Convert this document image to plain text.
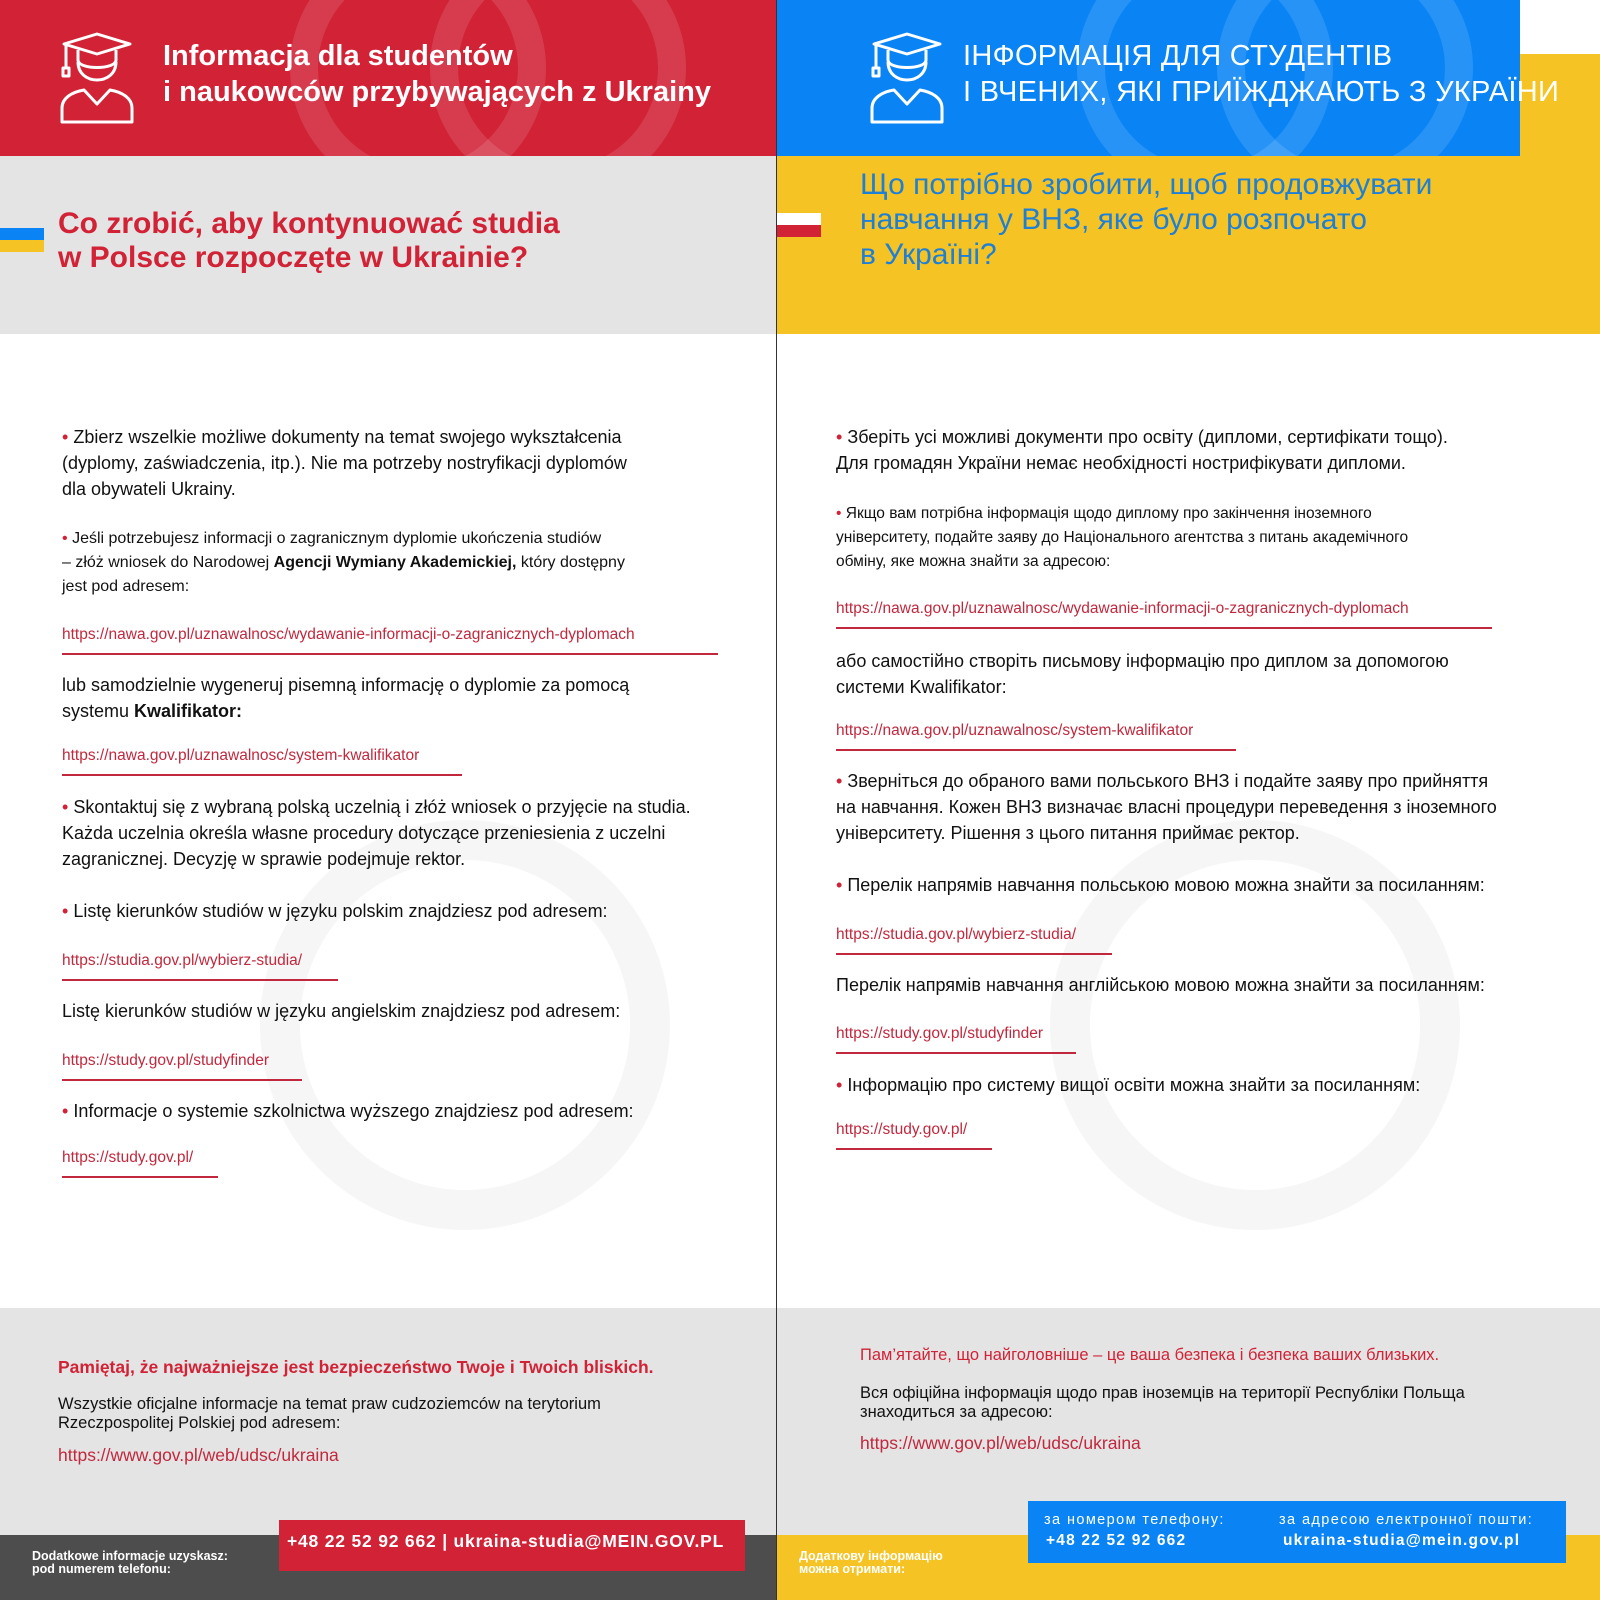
Informacja dla studentów
i naukowców przybywających z Ukrainy
ІНФОРМАЦІЯ ДЛЯ СТУДЕНТІВ
І ВЧЕНИХ, ЯКІ ПРИЇЖДЖАЮТЬ З УКРАЇНИ
Co zrobić, aby kontynuować studia
w Polsce rozpoczęte w Ukrainie?
Що потрібно зробити, щоб продовжувати
навчання у ВНЗ, яке було розпочато
в Україні?
• Zbierz wszelkie możliwe dokumenty na temat swojego wykształcenia
(dyplomy, zaświadczenia, itp.). Nie ma potrzeby nostryfikacji dyplomów
dla obywateli Ukrainy.
• Jeśli potrzebujesz informacji o zagranicznym dyplomie ukończenia studiów
– złóż wniosek do Narodowej Agencji Wymiany Akademickiej, który dostępny
jest pod adresem:
https://nawa.gov.pl/uznawalnosc/wydawanie-informacji-o-zagranicznych-dyplomach
lub samodzielnie wygeneruj pisemną informację o dyplomie za pomocą
systemu Kwalifikator:
https://nawa.gov.pl/uznawalnosc/system-kwalifikator
• Skontaktuj się z wybraną polską uczelnią i złóż wniosek o przyjęcie na studia.
Każda uczelnia określa własne procedury dotyczące przeniesienia z uczelni
zagranicznej. Decyzję w sprawie podejmuje rektor.
• Listę kierunków studiów w języku polskim znajdziesz pod adresem:
https://studia.gov.pl/wybierz-studia/
Listę kierunków studiów w języku angielskim znajdziesz pod adresem:
https://study.gov.pl/studyfinder
• Informacje o systemie szkolnictwa wyższego znajdziesz pod adresem:
https://study.gov.pl/
• Зберіть усі можливі документи про освіту (дипломи, сертифікати тощо).
Для громадян України немає необхідності нострифікувати дипломи.
• Якщо вам потрібна інформація щодо диплому про закінчення іноземного
університету, подайте заяву до Національного агентства з питань академічного
обміну, яке можна знайти за адресою:
https://nawa.gov.pl/uznawalnosc/wydawanie-informacji-o-zagranicznych-dyplomach
або самостійно створіть письмову інформацію про диплом за допомогою
системи Kwalifikator:
https://nawa.gov.pl/uznawalnosc/system-kwalifikator
• Зверніться до обраного вами польського ВНЗ і подайте заяву про прийняття
на навчання. Кожен ВНЗ визначає власні процедури переведення з іноземного
університету. Рішення з цього питання приймає ректор.
• Перелік напрямів навчання польською мовою можна знайти за посиланням:
https://studia.gov.pl/wybierz-studia/
Перелік напрямів навчання англійською мовою можна знайти за посиланням:
https://study.gov.pl/studyfinder
• Інформацію про систему вищої освіти можна знайти за посиланням:
https://study.gov.pl/
Pamiętaj, że najważniejsze jest bezpieczeństwo Twoje i Twoich bliskich.
Wszystkie oficjalne informacje na temat praw cudzoziemców na terytorium
Rzeczpospolitej Polskiej pod adresem:
https://www.gov.pl/web/udsc/ukraina
Пам’ятайте, що найголовніше – це ваша безпека і безпека ваших близьких.
Вся офіційна інформація щодо прав іноземців на території Республіки Польща
знаходиться за адресою:
https://www.gov.pl/web/udsc/ukraina
Dodatkowe informacje uzyskasz:
pod numerem telefonu:
+48 22 52 92 662 | ukraina-studia@MEIN.GOV.PL
Додаткову інформацію
можна отримати:
за номером телефону:
+48 22 52 92 662
за адресою електронної пошти:
ukraina-studia@mein.gov.pl
